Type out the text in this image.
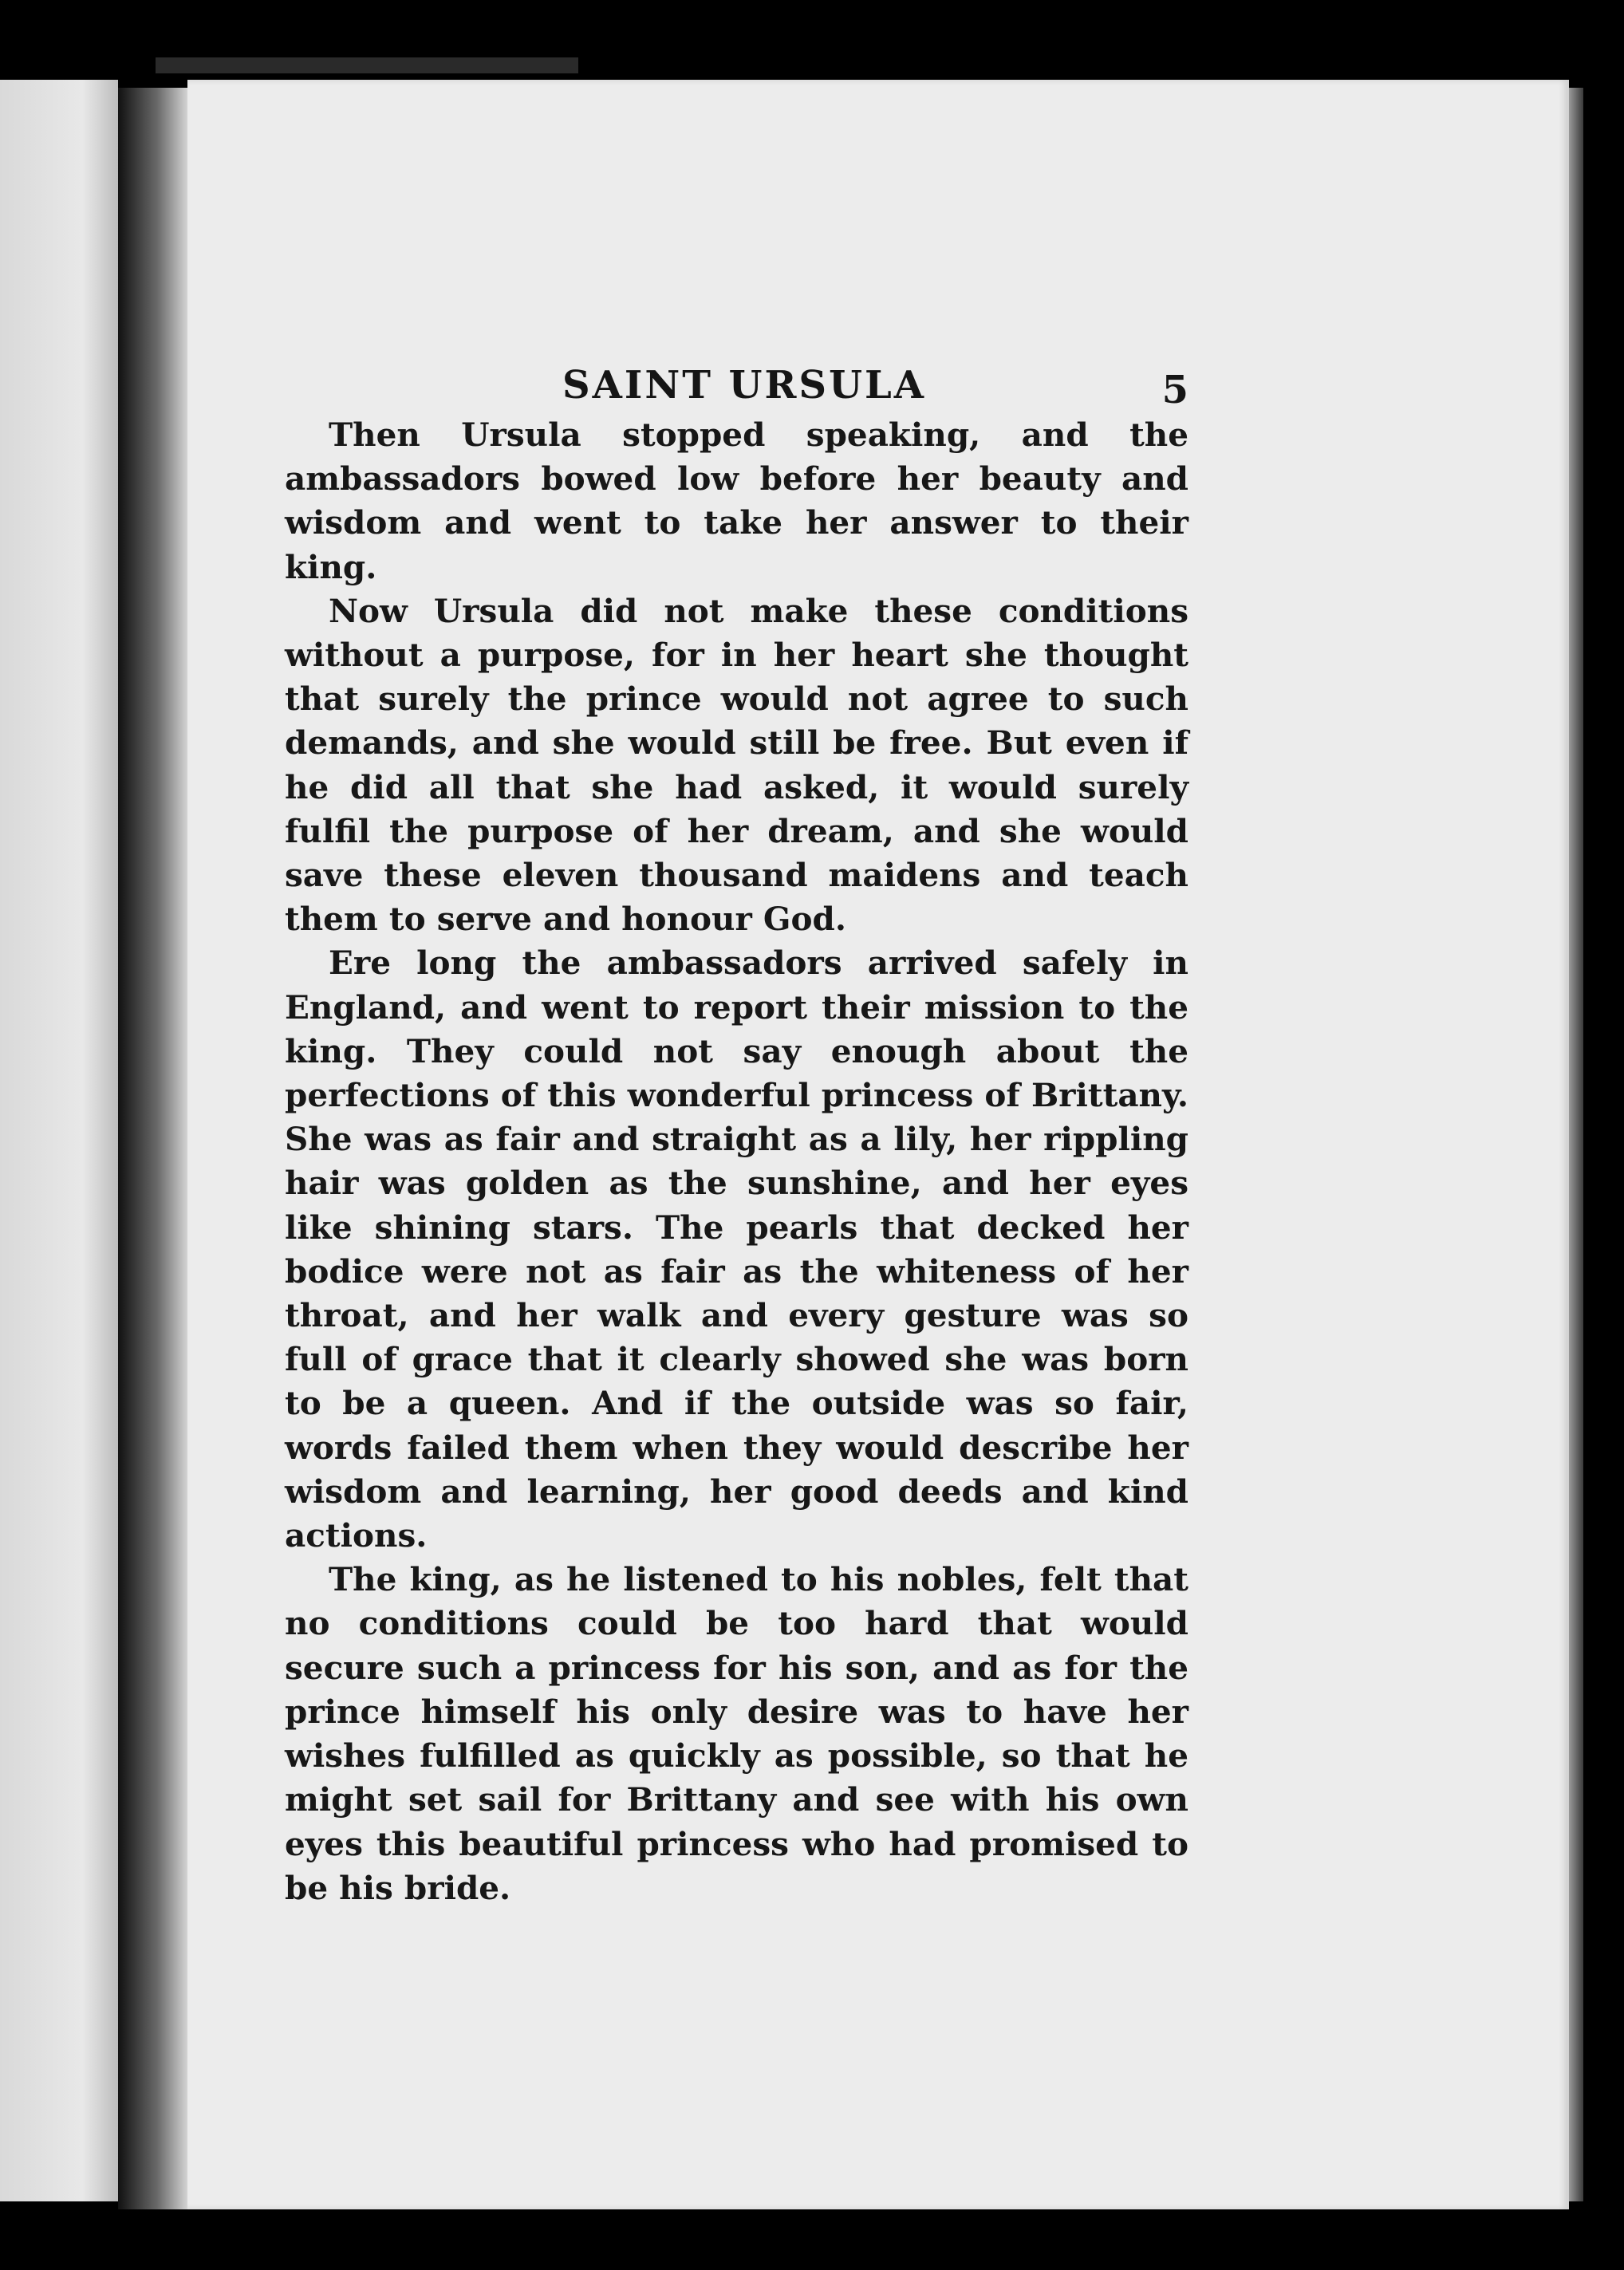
SAINT URSULA	5

Then Ursula stopped speaking, and the ambassadors bowed low before her beauty and wisdom and went to take her answer to their king.

Now Ursula did not make these conditions without a purpose, for in her heart she thought that surely the prince would not agree to such demands, and she would still be free. But even if he did all that she had asked, it would surely fulfil the purpose of her dream, and she would save these eleven thousand maidens and teach them to serve and honour God.

Ere long the ambassadors arrived safely in England, and went to report their mission to the king. They could not say enough about the perfections of this wonderful princess of Brittany. She was as fair and straight as a lily, her rippling hair was golden as the sunshine, and her eyes like shining stars. The pearls that decked her bodice were not as fair as the whiteness of her throat, and her walk and every gesture was so full of grace that it clearly showed she was born to be a queen. And if the outside was so fair, words failed them when they would describe her wisdom and learning, her good deeds and kind actions.

The king, as he listened to his nobles, felt that no conditions could be too hard that would secure such a princess for his son, and as for the prince himself his only desire was to have her wishes fulfilled as quickly as possible, so that he might set sail for Brittany and see with his own eyes this beautiful princess who had promised to be his bride.
